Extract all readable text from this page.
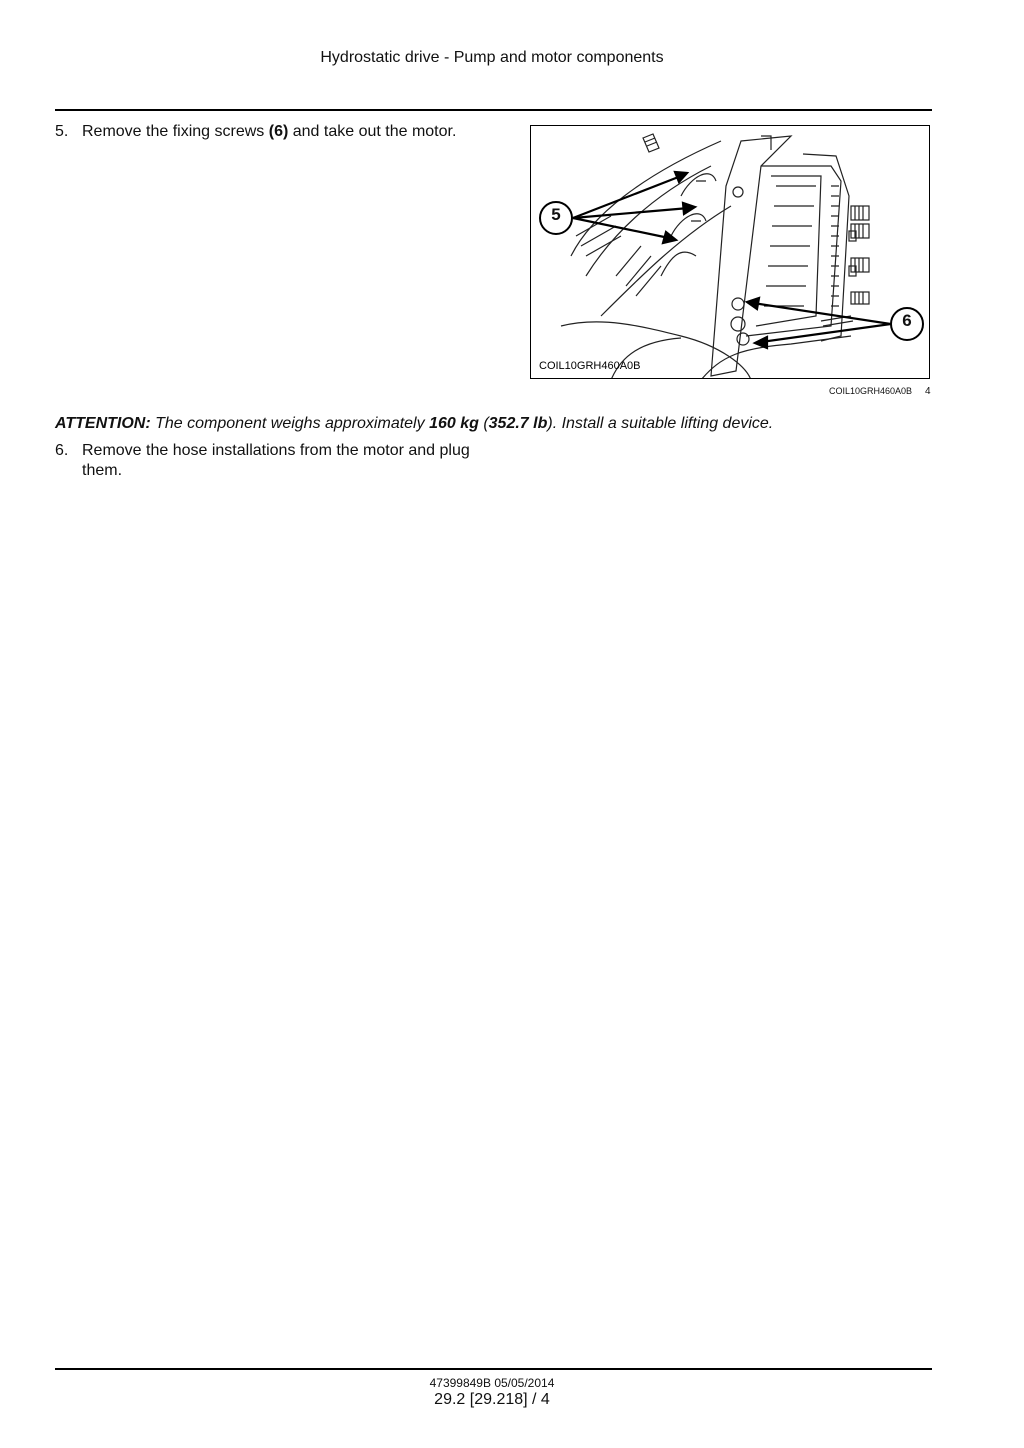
Hydrostatic drive - Pump and motor components
5. Remove the fixing screws (6) and take out the motor.
5
6
COIL10GRH460A0B
COIL10GRH460A0B 4
ATTENTION: The component weighs approximately 160 kg (352.7 lb). Install a suitable lifting device.
6. Remove the hose installations from the motor and plug them.
47399849B 05/05/2014
29.2 [29.218] / 4
